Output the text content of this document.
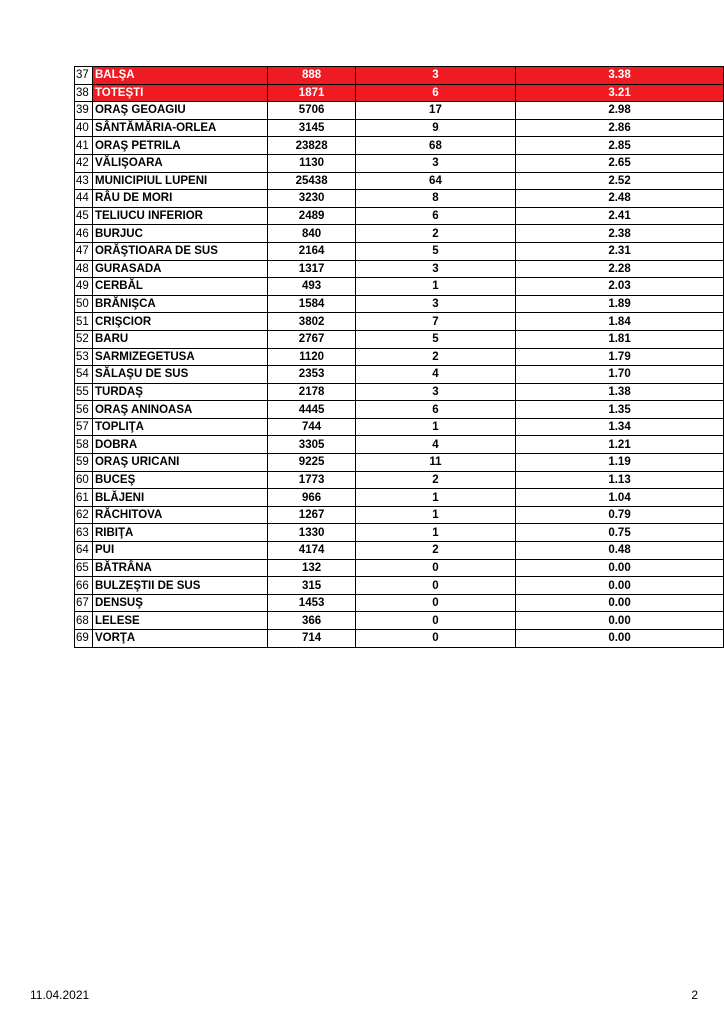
37	BALŞA	888	3	3.38
38	TOTEŞTI	1871	6	3.21
39	ORAŞ GEOAGIU	5706	17	2.98
40	SÂNTĂMĂRIA-ORLEA	3145	9	2.86
41	ORAŞ PETRILA	23828	68	2.85
42	VĂLIŞOARA	1130	3	2.65
43	MUNICIPIUL LUPENI	25438	64	2.52
44	RÂU DE MORI	3230	8	2.48
45	TELIUCU INFERIOR	2489	6	2.41
46	BURJUC	840	2	2.38
47	ORĂŞTIOARA DE SUS	2164	5	2.31
48	GURASADA	1317	3	2.28
49	CERBĂL	493	1	2.03
50	BRĂNIŞCA	1584	3	1.89
51	CRIŞCIOR	3802	7	1.84
52	BARU	2767	5	1.81
53	SARMIZEGETUSA	1120	2	1.79
54	SĂLAŞU DE SUS	2353	4	1.70
55	TURDAŞ	2178	3	1.38
56	ORAŞ ANINOASA	4445	6	1.35
57	TOPLIŢA	744	1	1.34
58	DOBRA	3305	4	1.21
59	ORAŞ URICANI	9225	11	1.19
60	BUCEŞ	1773	2	1.13
61	BLĂJENI	966	1	1.04
62	RĂCHITOVA	1267	1	0.79
63	RIBIŢA	1330	1	0.75
64	PUI	4174	2	0.48
65	BĂTRÂNA	132	0	0.00
66	BULZEŞTII DE SUS	315	0	0.00
67	DENSUŞ	1453	0	0.00
68	LELESE	366	0	0.00
69	VORŢA	714	0	0.00
11.04.2021	2
